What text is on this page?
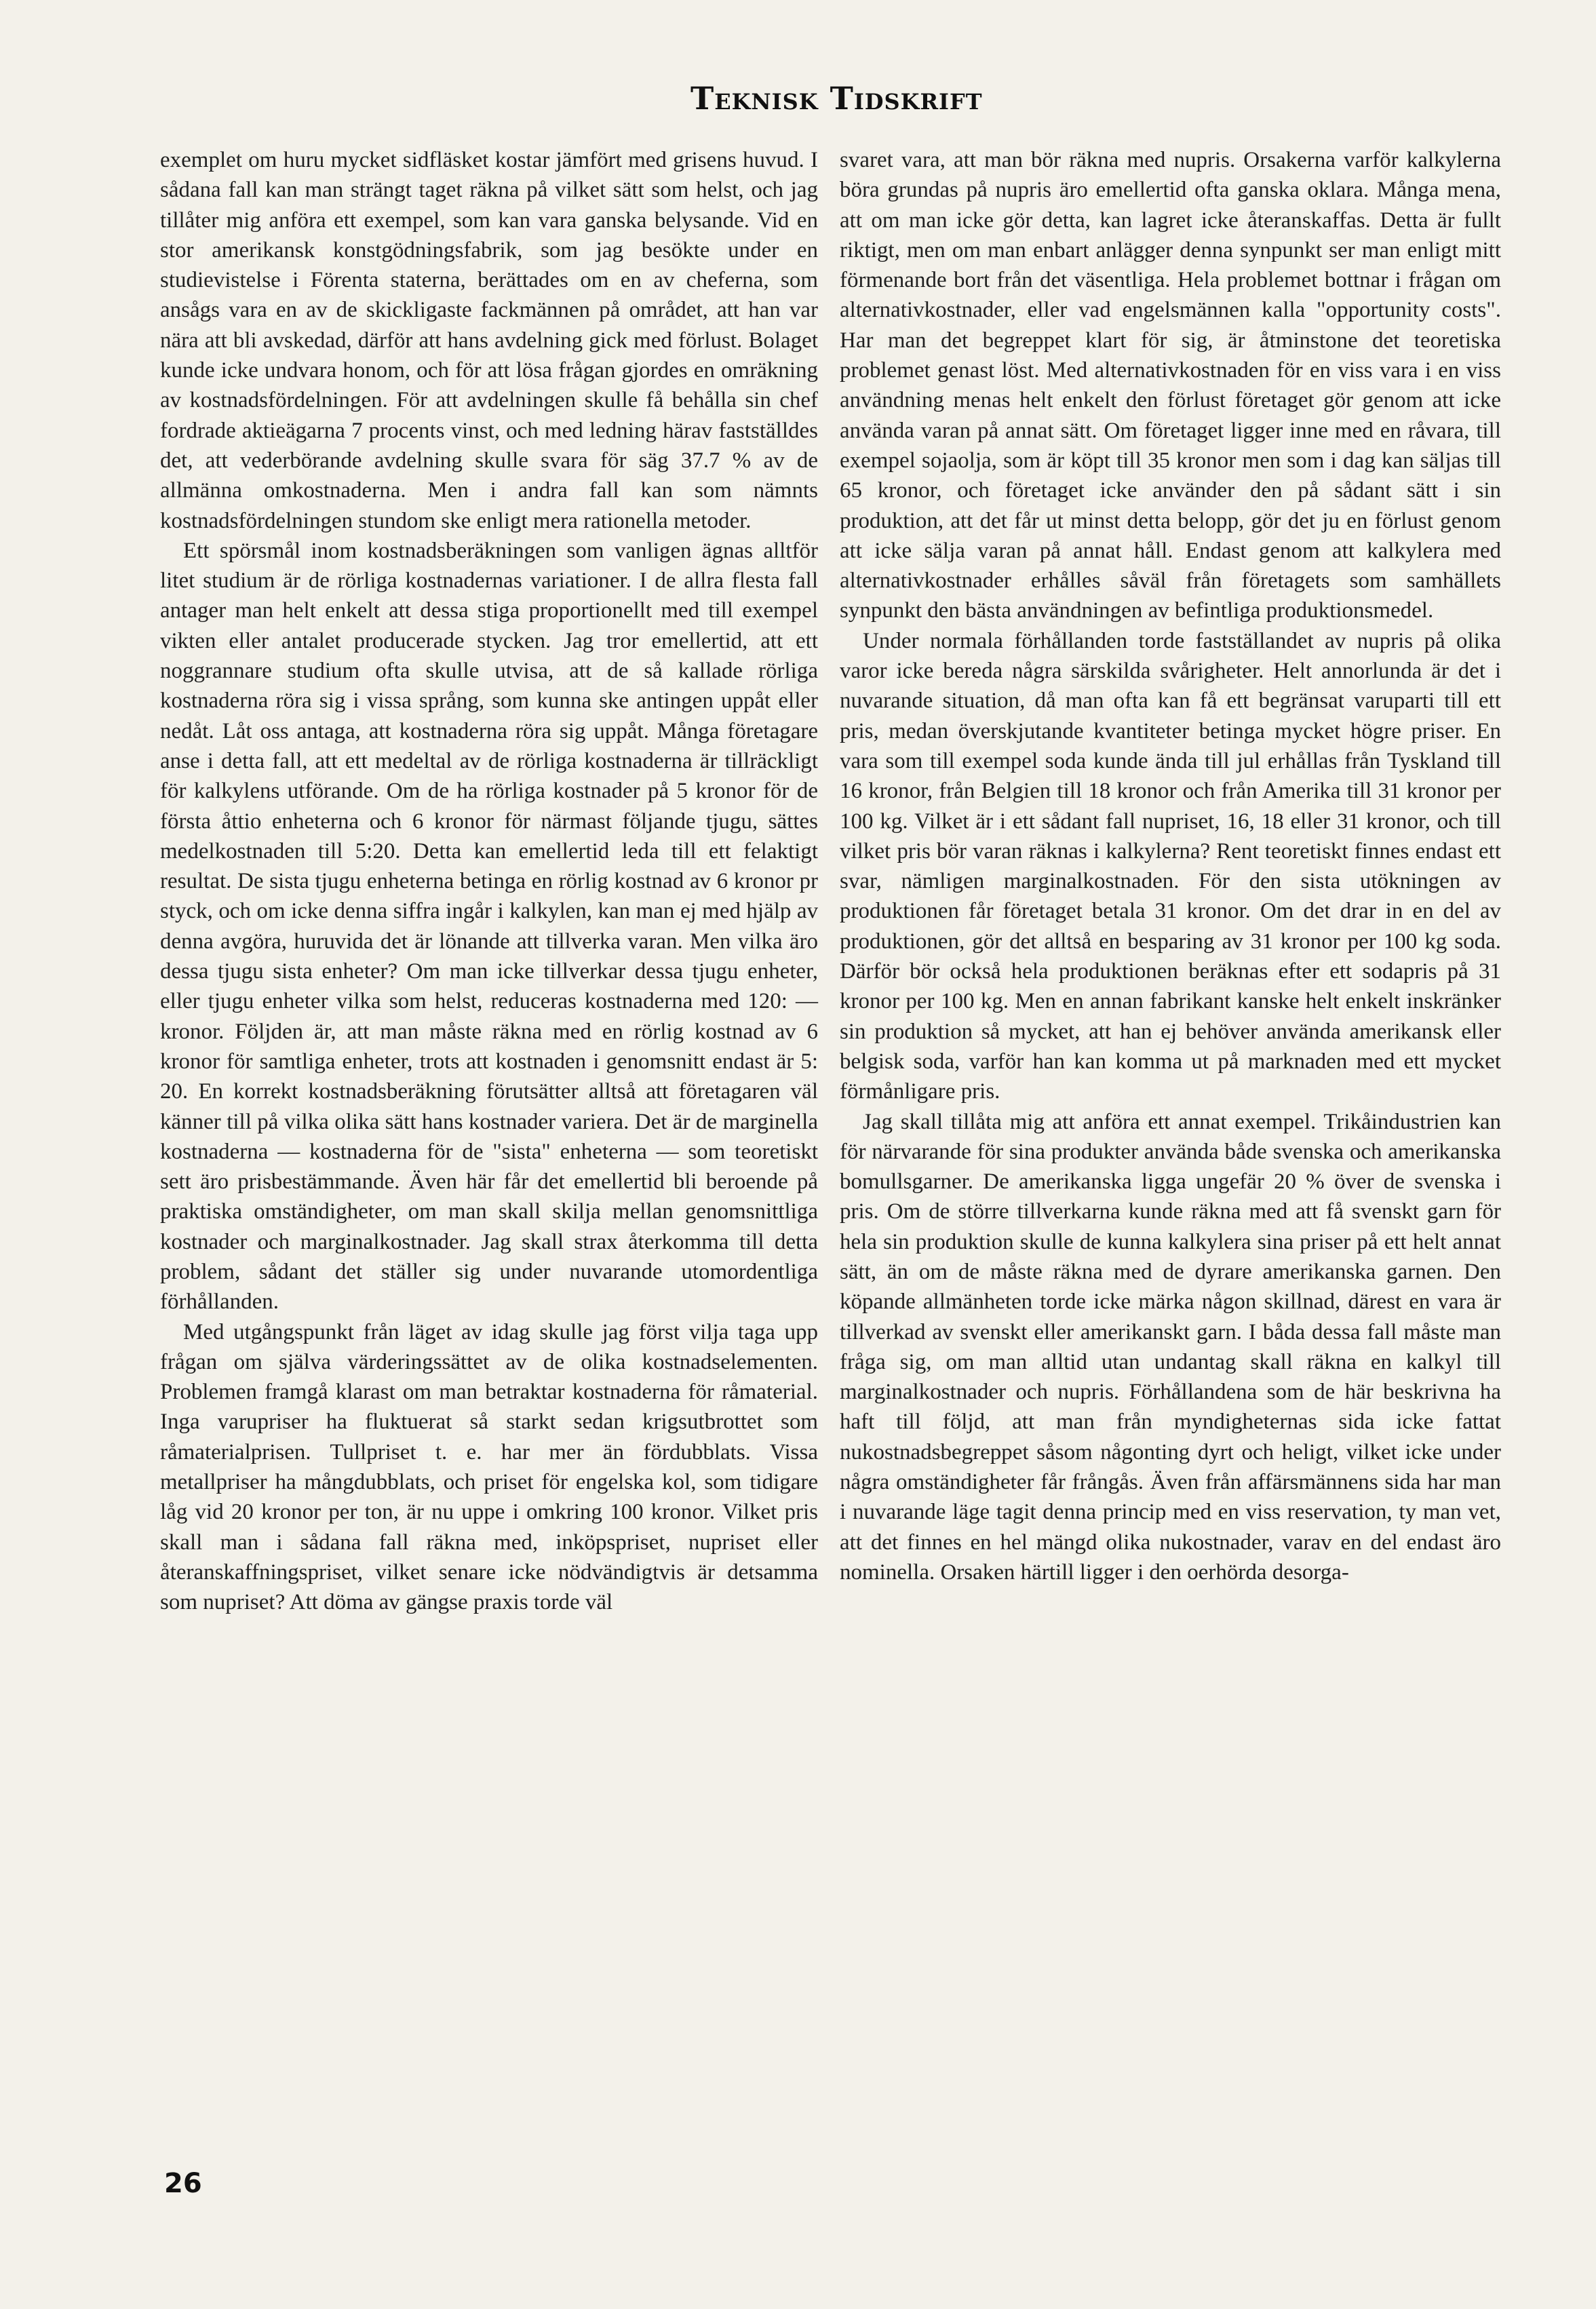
Teknisk Tidskrift

exemplet om huru mycket sidfläsket kostar jämfört med grisens huvud. I sådana fall kan man strängt taget räkna på vilket sätt som helst, och jag tillåter mig anföra ett exempel, som kan vara ganska belysande. Vid en stor amerikansk konstgödningsfabrik, som jag besökte under en studievistelse i Förenta staterna, berättades om en av cheferna, som ansågs vara en av de skickligaste fackmännen på området, att han var nära att bli avskedad, därför att hans avdelning gick med förlust. Bolaget kunde icke undvara honom, och för att lösa frågan gjordes en omräkning av kostnadsfördelningen. För att avdelningen skulle få behålla sin chef fordrade aktieägarna 7 procents vinst, och med ledning härav fastställdes det, att vederbörande avdelning skulle svara för säg 37.7 % av de allmänna omkostnaderna. Men i andra fall kan som nämnts kostnadsfördelningen stundom ske enligt mera rationella metoder.

Ett spörsmål inom kostnadsberäkningen som vanligen ägnas alltför litet studium är de rörliga kostnadernas variationer. I de allra flesta fall antager man helt enkelt att dessa stiga proportionellt med till exempel vikten eller antalet producerade stycken. Jag tror emellertid, att ett noggrannare studium ofta skulle utvisa, att de så kallade rörliga kostnaderna röra sig i vissa språng, som kunna ske antingen uppåt eller nedåt. Låt oss antaga, att kostnaderna röra sig uppåt. Många företagare anse i detta fall, att ett medeltal av de rörliga kostnaderna är tillräckligt för kalkylens utförande. Om de ha rörliga kostnader på 5 kronor för de första åttio enheterna och 6 kronor för närmast följande tjugu, sättes medelkostnaden till 5:20. Detta kan emellertid leda till ett felaktigt resultat. De sista tjugu enheterna betinga en rörlig kostnad av 6 kronor pr styck, och om icke denna siffra ingår i kalkylen, kan man ej med hjälp av denna avgöra, huruvida det är lönande att tillverka varan. Men vilka äro dessa tjugu sista enheter? Om man icke tillverkar dessa tjugu enheter, eller tjugu enheter vilka som helst, reduceras kostnaderna med 120: — kronor. Följden är, att man måste räkna med en rörlig kostnad av 6 kronor för samtliga enheter, trots att kostnaden i genomsnitt endast är 5: 20. En korrekt kostnadsberäkning förutsätter alltså att företagaren väl känner till på vilka olika sätt hans kostnader variera. Det är de marginella kostnaderna — kostnaderna för de "sista" enheterna — som teoretiskt sett äro prisbestämmande. Även här får det emellertid bli beroende på praktiska omständigheter, om man skall skilja mellan genomsnittliga kostnader och marginalkostnader. Jag skall strax återkomma till detta problem, sådant det ställer sig under nuvarande utomordentliga förhållanden.

Med utgångspunkt från läget av idag skulle jag först vilja taga upp frågan om själva värderingssättet av de olika kostnadselementen. Problemen framgå klarast om man betraktar kostnaderna för råmaterial. Inga varupriser ha fluktuerat så starkt sedan krigsutbrottet som råmaterialprisen. Tullpriset t. e. har mer än fördubblats. Vissa metallpriser ha mångdubblats, och priset för engelska kol, som tidigare låg vid 20 kronor per ton, är nu uppe i omkring 100 kronor. Vilket pris skall man i sådana fall räkna med, inköpspriset, nupriset eller återanskaffningspriset, vilket senare icke nödvändigtvis är detsamma som nupriset? Att döma av gängse praxis torde väl

svaret vara, att man bör räkna med nupris. Orsakerna varför kalkylerna böra grundas på nupris äro emellertid ofta ganska oklara. Många mena, att om man icke gör detta, kan lagret icke återanskaffas. Detta är fullt riktigt, men om man enbart anlägger denna synpunkt ser man enligt mitt förmenande bort från det väsentliga. Hela problemet bottnar i frågan om alternativkostnader, eller vad engelsmännen kalla "opportunity costs". Har man det begreppet klart för sig, är åtminstone det teoretiska problemet genast löst. Med alternativkostnaden för en viss vara i en viss användning menas helt enkelt den förlust företaget gör genom att icke använda varan på annat sätt. Om företaget ligger inne med en råvara, till exempel sojaolja, som är köpt till 35 kronor men som i dag kan säljas till 65 kronor, och företaget icke använder den på sådant sätt i sin produktion, att det får ut minst detta belopp, gör det ju en förlust genom att icke sälja varan på annat håll. Endast genom att kalkylera med alternativkostnader erhålles såväl från företagets som samhällets synpunkt den bästa användningen av befintliga produktionsmedel.

Under normala förhållanden torde fastställandet av nupris på olika varor icke bereda några särskilda svårigheter. Helt annorlunda är det i nuvarande situation, då man ofta kan få ett begränsat varuparti till ett pris, medan överskjutande kvantiteter betinga mycket högre priser. En vara som till exempel soda kunde ända till jul erhållas från Tyskland till 16 kronor, från Belgien till 18 kronor och från Amerika till 31 kronor per 100 kg. Vilket är i ett sådant fall nupriset, 16, 18 eller 31 kronor, och till vilket pris bör varan räknas i kalkylerna? Rent teoretiskt finnes endast ett svar, nämligen marginalkostnaden. För den sista utökningen av produktionen får företaget betala 31 kronor. Om det drar in en del av produktionen, gör det alltså en besparing av 31 kronor per 100 kg soda. Därför bör också hela produktionen beräknas efter ett sodapris på 31 kronor per 100 kg. Men en annan fabrikant kanske helt enkelt inskränker sin produktion så mycket, att han ej behöver använda amerikansk eller belgisk soda, varför han kan komma ut på marknaden med ett mycket förmånligare pris.

Jag skall tillåta mig att anföra ett annat exempel. Trikåindustrien kan för närvarande för sina produkter använda både svenska och amerikanska bomullsgarner. De amerikanska ligga ungefär 20 % över de svenska i pris. Om de större tillverkarna kunde räkna med att få svenskt garn för hela sin produktion skulle de kunna kalkylera sina priser på ett helt annat sätt, än om de måste räkna med de dyrare amerikanska garnen. Den köpande allmänheten torde icke märka någon skillnad, därest en vara är tillverkad av svenskt eller amerikanskt garn. I båda dessa fall måste man fråga sig, om man alltid utan undantag skall räkna en kalkyl till marginalkostnader och nupris. Förhållandena som de här beskrivna ha haft till följd, att man från myndigheternas sida icke fattat nukostnadsbegreppet såsom någonting dyrt och heligt, vilket icke under några omständigheter får frångås. Även från affärsmännens sida har man i nuvarande läge tagit denna princip med en viss reservation, ty man vet, att det finnes en hel mängd olika nukostnader, varav en del endast äro nominella. Orsaken härtill ligger i den oerhörda desorga-

26
